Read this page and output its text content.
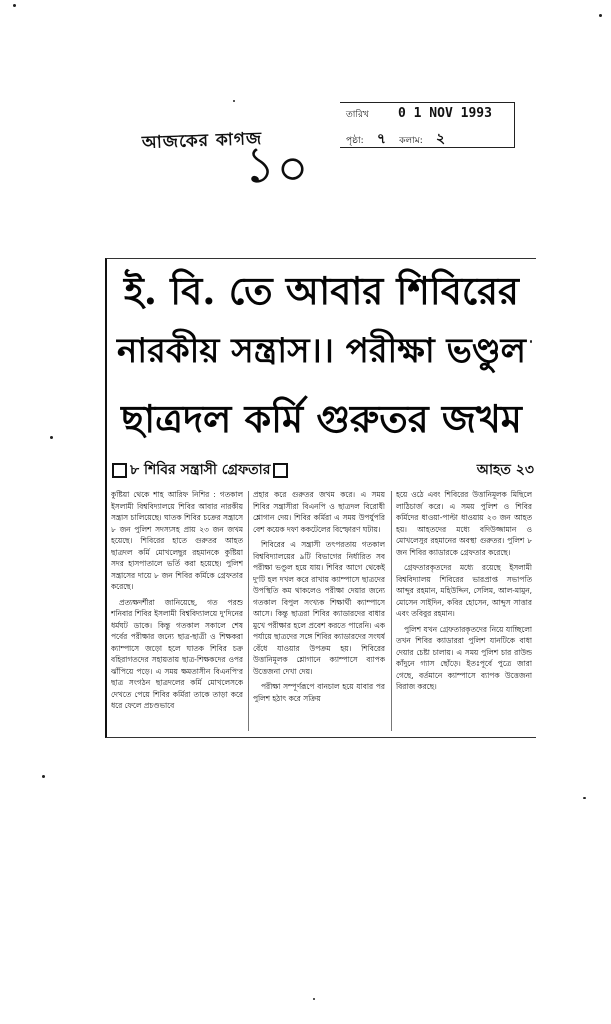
আজকের কাগজ
১০
তারিখ 0 1 NOV 1993
পৃষ্ঠা: ৭ কলাম: ২
ই. বি. তে আবার শিবিরের
নারকীয় সন্ত্রাস।। পরীক্ষা ভণ্ডুল
ছাত্রদল কর্মি গুরুতর জখম
৮ শিবির সন্ত্রাসী গ্রেফতার	আহত ২৩

কুষ্টিয়া থেকে শাহ আরিফ নিশির : গতকাল ইসলামী বিশ্ববিদ্যালয়ে শিবির আবার নারকীয় সন্ত্রাস চালিয়েছে। ঘাতক শিবির চক্রের সন্ত্রাসে ৮ জন পুলিশ সদস্যসহ প্রায় ২৩ জন জখম হয়েছে। শিবিরের হাতে গুরুতর আহত ছাত্রদল কর্মি মোখলেছুর রহমানকে কুষ্টিয়া সদর হাসপাতালে ভর্তি করা হয়েছে। পুলিশ সন্ত্রাসের দায়ে ৮ জন শিবির কর্মিকে গ্রেফতার করেছে।

প্রত্যক্ষদর্শীরা জানিয়েছে, গত পরশু শনিবার শিবির ইসলামী বিশ্ববিদ্যালয়ে দু'দিনের ধর্মঘট ডাকে। কিন্তু গতকাল সকালে শেষ পর্বের পরীক্ষার জন্যে ছাত্র-ছাত্রী ও শিক্ষকরা ক্যাম্পাসে জড়ো হলে ঘাতক শিবির চক্র বহিরাগতদের সহায়তায় ছাত্র-শিক্ষকদের ওপর ঝাঁপিয়ে পড়ে। এ সময় ক্ষমতাসীন বিএনপি'র ছাত্র সংগঠন ছাত্রদলের কর্মি মোখলেসকে দেখতে পেয়ে শিবির কর্মিরা তাকে তাড়া করে ধরে ফেলে প্রচণ্ডভাবে

প্রহার করে গুরুতর জখম করে। এ সময় শিবির সন্ত্রাসীরা বিএনপি ও ছাত্রদল বিরোধী শ্লোগান দেয়। শিবির কর্মিরা এ সময় উপর্যুপরি বেশ কয়েক দফা ককটেলের বিস্ফোরণ ঘটায়।

শিবিরের এ সন্ত্রাসী তৎপরতায় গতকাল বিশ্ববিদ্যালয়ের ৯টি বিভাগের নির্ধারিত সব পরীক্ষা ভণ্ডুল হয়ে যায়। শিবির আগে থেকেই দু'টি হল দখল করে রাখায় ক্যাম্পাসে ছাত্রদের উপস্থিতি কম থাকলেও পরীক্ষা দেয়ার জন্যে গতকাল বিপুল সংখ্যক শিক্ষার্থী ক্যাম্পাসে আসে। কিন্তু ছাত্ররা শিবির ক্যাডারদের বাধার মুখে পরীক্ষার হলে প্রবেশ করতে পারেনি। এক পর্যায়ে ছাত্রদের সঙ্গে শিবির ক্যাডারদের সংঘর্ষ বেঁধে যাওয়ার উপক্রম হয়। শিবিরের উত্তানিমূলক শ্লোগানে ক্যাম্পাসে ব্যাপক উত্তেজনা দেখা দেয়।

পরীক্ষা সম্পূর্ণরূপে বানচাল হয়ে যাবার পর পুলিশ হঠাৎ করে সক্রিয়

হয়ে ওঠে এবং শিবিরের উত্তানিমূলক মিছিলে লাঠিচার্জ করে। এ সময় পুলিশ ও শিবির কর্মিদের ধাওয়া-পাল্টা ধাওয়ায় ২৩ জন আহত হয়। আহতদের মধ্যে বদিউজ্জামান ও মোখলেসুর রহমানের অবস্থা গুরুতর। পুলিশ ৮ জন শিবির ক্যাডারকে গ্রেফতার করেছে।

গ্রেফতারকৃতদের মধ্যে রয়েছে ইসলামী বিশ্ববিদ্যালয় শিবিরের ভারপ্রাপ্ত সভাপতি আব্দুর রহমান, মহিউদ্দিন, সেলিম, আল-মামুন, মোসেন সাইদিন, কবির হোসেন, আব্দুস সাত্তার এবং তবিবুর রহমান।

পুলিশ যখন গ্রেফতারকৃতদের নিয়ে যাচ্ছিলো তখন শিবির ক্যাডাররা পুলিশ যানটিকে বাধা দেয়ার চেষ্টা চালায়। এ সময় পুলিশ চার রাউন্ড কাঁদুনে গ্যাস ছোঁড়ে। ইতঃপূর্বে পুত্রে জারা গেছে, বর্তমানে ক্যাম্পাসে ব্যাপক উত্তেজনা বিরাজ করছে।
